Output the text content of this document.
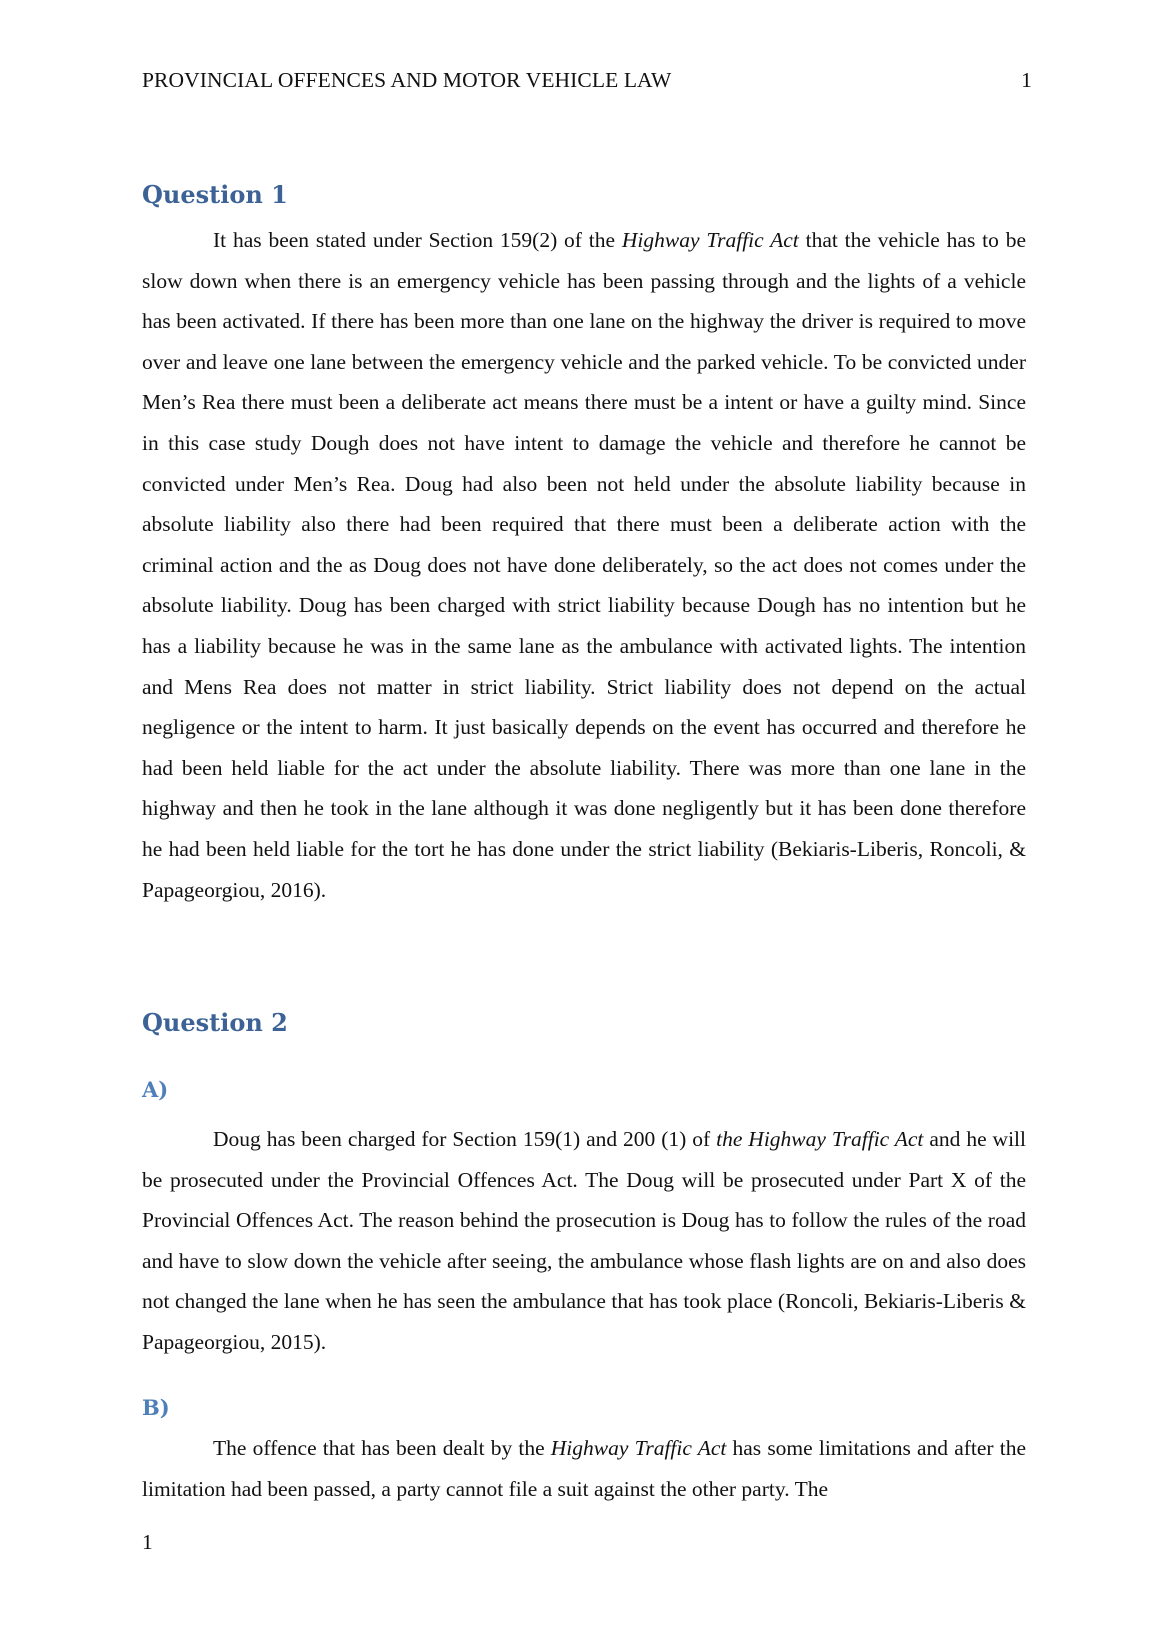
PROVINCIAL OFFENCES AND MOTOR VEHICLE LAW	1
Question 1

It has been stated under Section 159(2) of the Highway Traffic Act that the vehicle has to be slow down when there is an emergency vehicle has been passing through and the lights of a vehicle has been activated. If there has been more than one lane on the highway the driver is required to move over and leave one lane between the emergency vehicle and the parked vehicle. To be convicted under Men’s Rea there must been a deliberate act means there must be a intent or have a guilty mind. Since in this case study Dough does not have intent to damage the vehicle and therefore he cannot be convicted under Men’s Rea. Doug had also been not held under the absolute liability because in absolute liability also there had been required that there must been a deliberate action with the criminal action and the as Doug does not have done deliberately, so the act does not comes under the absolute liability. Doug has been charged with strict liability because Dough has no intention but he has a liability because he was in the same lane as the ambulance with activated lights. The intention and Mens Rea does not matter in strict liability. Strict liability does not depend on the actual negligence or the intent to harm. It just basically depends on the event has occurred and therefore he had been held liable for the act under the absolute liability. There was more than one lane in the highway and then he took in the lane although it was done negligently but it has been done therefore he had been held liable for the tort he has done under the strict liability (Bekiaris-Liberis, Roncoli, & Papageorgiou, 2016).

Question 2
A)

Doug has been charged for Section 159(1) and 200 (1) of the Highway Traffic Act and he will be prosecuted under the Provincial Offences Act. The Doug will be prosecuted under Part X of the Provincial Offences Act. The reason behind the prosecution is Doug has to follow the rules of the road and have to slow down the vehicle after seeing, the ambulance whose flash lights are on and also does not changed the lane when he has seen the ambulance that has took place (Roncoli, Bekiaris-Liberis & Papageorgiou, 2015).

B)

The offence that has been dealt by the Highway Traffic Act has some limitations and after the limitation had been passed, a party cannot file a suit against the other party. The

1
